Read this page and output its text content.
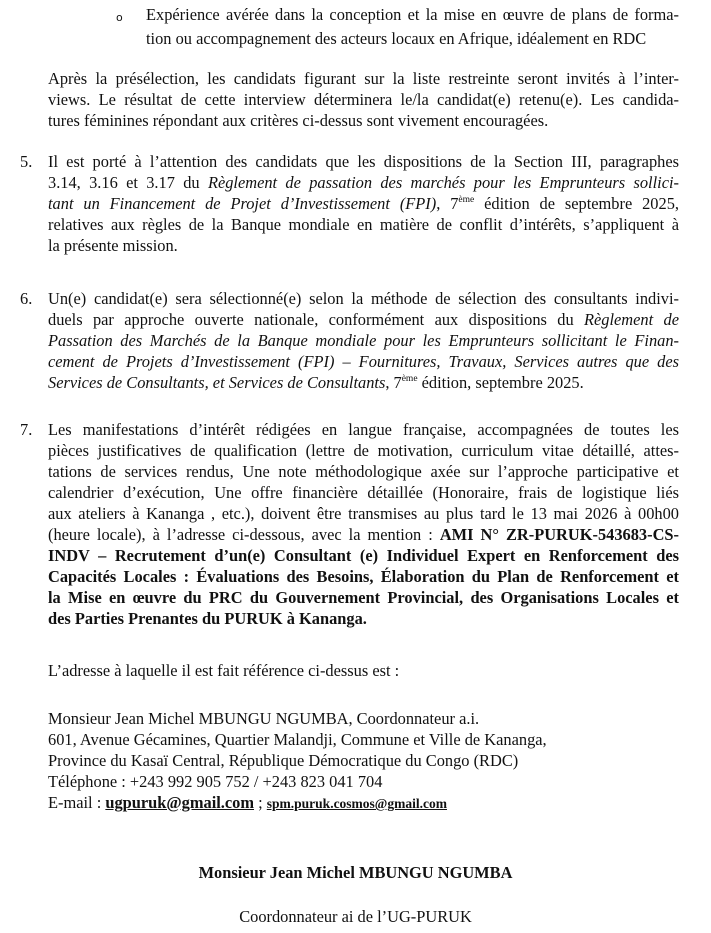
o Expérience avérée dans la conception et la mise en œuvre de plans de forma-
tion ou accompagnement des acteurs locaux en Afrique, idéalement en RDC
Après la présélection, les candidats figurant sur la liste restreinte seront invités à l’inter-
views. Le résultat de cette interview déterminera le/la candidat(e) retenu(e). Les candida-
tures féminines répondant aux critères ci-dessus sont vivement encouragées.
5. Il est porté à l’attention des candidats que les dispositions de la Section III, paragraphes
3.14, 3.16 et 3.17 du Règlement de passation des marchés pour les Emprunteurs sollici-
tant un Financement de Projet d’Investissement (FPI), 7ème édition de septembre 2025,
relatives aux règles de la Banque mondiale en matière de conflit d’intérêts, s’appliquent à
la présente mission.
6. Un(e) candidat(e) sera sélectionné(e) selon la méthode de sélection des consultants indivi-
duels par approche ouverte nationale, conformément aux dispositions du Règlement de
Passation des Marchés de la Banque mondiale pour les Emprunteurs sollicitant le Finan-
cement de Projets d’Investissement (FPI) – Fournitures, Travaux, Services autres que des
Services de Consultants, et Services de Consultants, 7ème édition, septembre 2025.
7. Les manifestations d’intérêt rédigées en langue française, accompagnées de toutes les
pièces justificatives de qualification (lettre de motivation, curriculum vitae détaillé, attes-
tations de services rendus, Une note méthodologique axée sur l’approche participative et
calendrier d’exécution, Une offre financière détaillée (Honoraire, frais de logistique liés
aux ateliers à Kananga , etc.), doivent être transmises au plus tard le 13 mai 2026 à 00h00
(heure locale), à l’adresse ci-dessous, avec la mention : AMI N° ZR-PURUK-543683-CS-
INDV – Recrutement d’un(e) Consultant (e) Individuel Expert en Renforcement des
Capacités Locales : Évaluations des Besoins, Élaboration du Plan de Renforcement et
la Mise en œuvre du PRC du Gouvernement Provincial, des Organisations Locales et
des Parties Prenantes du PURUK à Kananga.
L’adresse à laquelle il est fait référence ci-dessus est :
Monsieur Jean Michel MBUNGU NGUMBA, Coordonnateur a.i.
601, Avenue Gécamines, Quartier Malandji, Commune et Ville de Kananga,
Province du Kasaï Central, République Démocratique du Congo (RDC)
Téléphone : +243 992 905 752 / +243 823 041 704
E-mail : ugpuruk@gmail.com ; spm.puruk.cosmos@gmail.com
Monsieur Jean Michel MBUNGU NGUMBA
Coordonnateur ai de l’UG-PURUK
